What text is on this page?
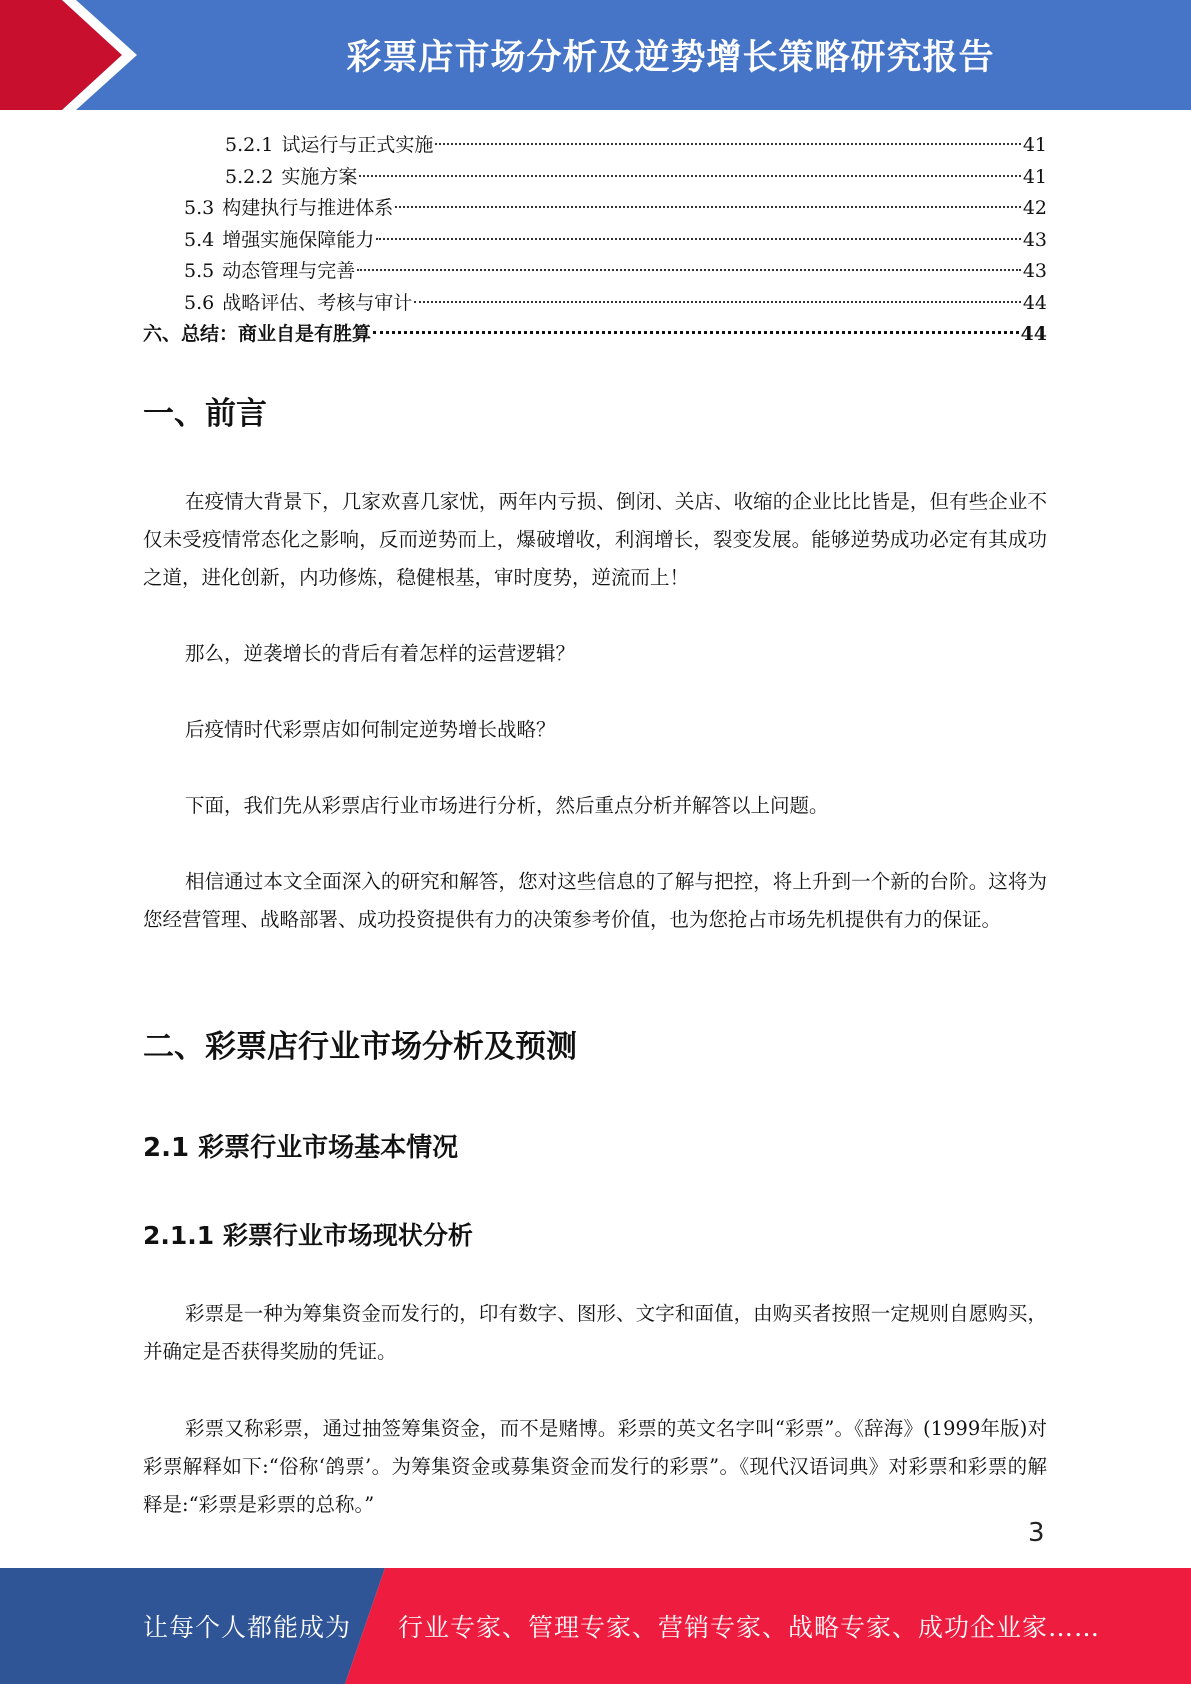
彩票店市场分析及逆势增长策略研究报告
5.2.1 试运行与正式实施	41
5.2.2 实施方案	41
5.3 构建执行与推进体系	42
5.4 增强实施保障能力	43
5.5 动态管理与完善	43
5.6 战略评估、考核与审计	44
六、总结：商业自是有胜算	44
一、前言

在疫情大背景下，几家欢喜几家忧，两年内亏损、倒闭、关店、收缩的企业比比皆是，但有些企业不仅未受疫情常态化之影响，反而逆势而上，爆破增收，利润增长，裂变发展。能够逆势成功必定有其成功之道，进化创新，内功修炼，稳健根基，审时度势，逆流而上！

那么，逆袭增长的背后有着怎样的运营逻辑？

后疫情时代彩票店如何制定逆势增长战略？

下面，我们先从彩票店行业市场进行分析，然后重点分析并解答以上问题。

相信通过本文全面深入的研究和解答，您对这些信息的了解与把控，将上升到一个新的台阶。这将为您经营管理、战略部署、成功投资提供有力的决策参考价值，也为您抢占市场先机提供有力的保证。

二、彩票店行业市场分析及预测
2.1 彩票行业市场基本情况
2.1.1 彩票行业市场现状分析

彩票是一种为筹集资金而发行的，印有数字、图形、文字和面值，由购买者按照一定规则自愿购买，并确定是否获得奖励的凭证。

彩票又称彩票，通过抽签筹集资金，而不是赌博。彩票的英文名字叫“彩票”。《辞海》(1999年版)对彩票解释如下:“俗称‘鸽票’。为筹集资金或募集资金而发行的彩票”。《现代汉语词典》对彩票和彩票的解释是:“彩票是彩票的总称。”

3
让每个人都能成为 行业专家、管理专家、营销专家、战略专家、成功企业家……
